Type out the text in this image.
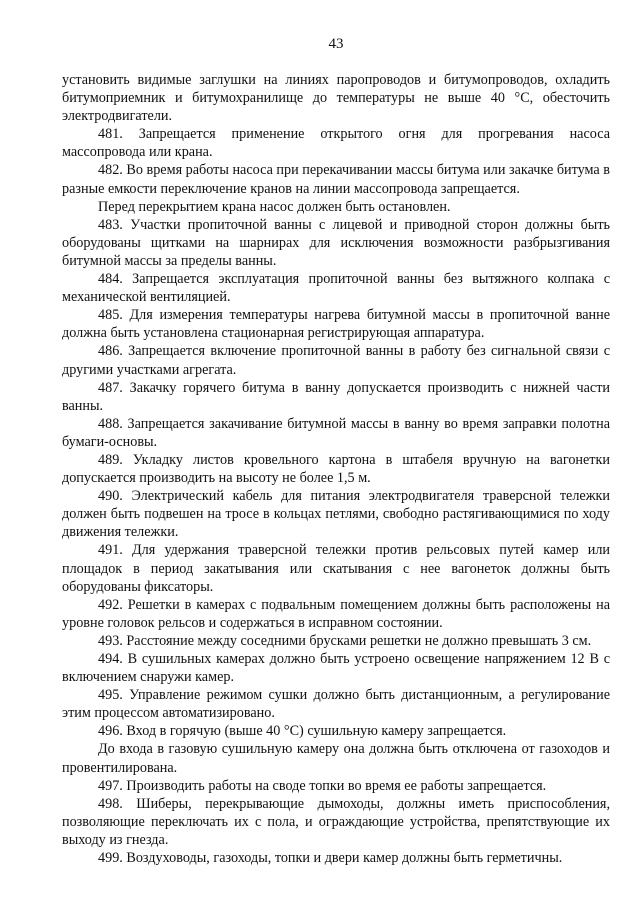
43

установить видимые заглушки на линиях паропроводов и битумопроводов, охладить битумоприемник и битумохранилище до температуры не выше 40 °С, обесточить электродвигатели.

481. Запрещается применение открытого огня для прогревания насоса массопровода или крана.

482. Во время работы насоса при перекачивании массы битума или закачке битума в разные емкости переключение кранов на линии массопровода запрещается.

Перед перекрытием крана насос должен быть остановлен.

483. Участки пропиточной ванны с лицевой и приводной сторон должны быть оборудованы щитками на шарнирах для исключения возможности разбрызгивания битумной массы за пределы ванны.

484. Запрещается эксплуатация пропиточной ванны без вытяжного колпака с механической вентиляцией.

485. Для измерения температуры нагрева битумной массы в пропиточной ванне должна быть установлена стационарная регистрирующая аппаратура.

486. Запрещается включение пропиточной ванны в работу без сигнальной связи с другими участками агрегата.

487. Закачку горячего битума в ванну допускается производить с нижней части ванны.

488. Запрещается закачивание битумной массы в ванну во время заправки полотна бумаги-основы.

489. Укладку листов кровельного картона в штабеля вручную на вагонетки допускается производить на высоту не более 1,5 м.

490. Электрический кабель для питания электродвигателя траверсной тележки должен быть подвешен на тросе в кольцах петлями, свободно растягивающимися по ходу движения тележки.

491. Для удержания траверсной тележки против рельсовых путей камер или площадок в период закатывания или скатывания с нее вагонеток должны быть оборудованы фиксаторы.

492. Решетки в камерах с подвальным помещением должны быть расположены на уровне головок рельсов и содержаться в исправном состоянии.

493. Расстояние между соседними брусками решетки не должно превышать 3 см.

494. В сушильных камерах должно быть устроено освещение напряжением 12 В с включением снаружи камер.

495. Управление режимом сушки должно быть дистанционным, а регулирование этим процессом автоматизировано.

496. Вход в горячую (выше 40 °С) сушильную камеру запрещается.

До входа в газовую сушильную камеру она должна быть отключена от газоходов и провентилирована.

497. Производить работы на своде топки во время ее работы запрещается.

498. Шиберы, перекрывающие дымоходы, должны иметь приспособления, позволяющие переключать их с пола, и ограждающие устройства, препятствующие их выходу из гнезда.

499. Воздуховоды, газоходы, топки и двери камер должны быть герметичны.
